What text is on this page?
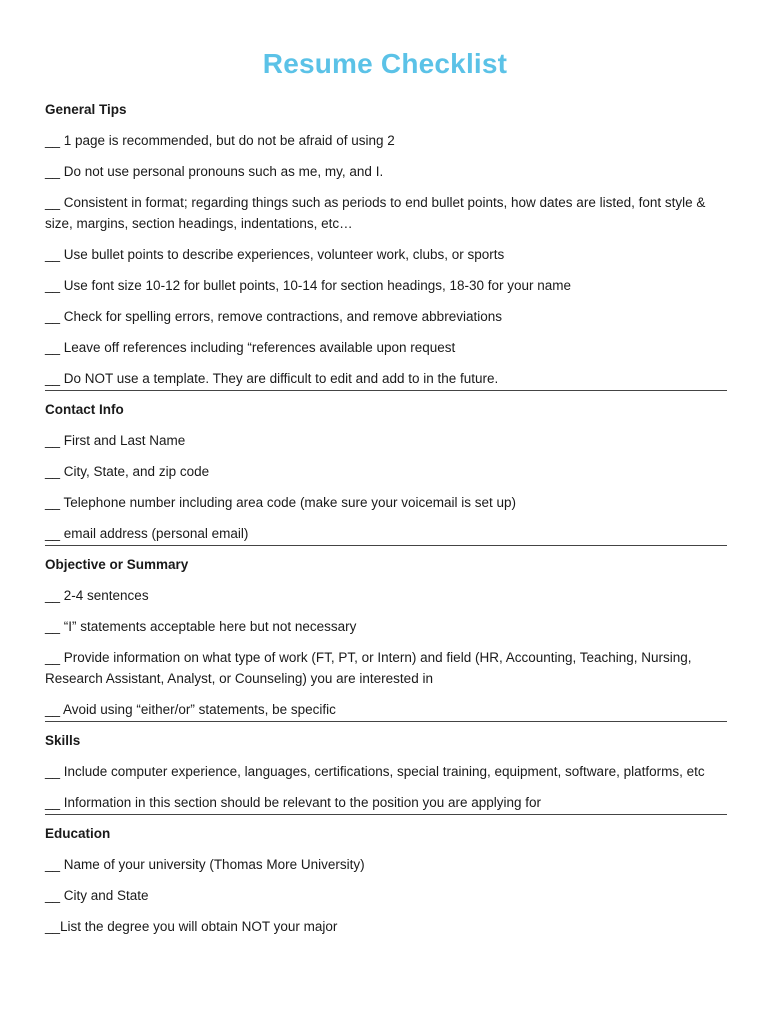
Resume Checklist
General Tips
__ 1 page is recommended, but do not be afraid of using 2
__ Do not use personal pronouns such as me, my, and I.
__ Consistent in format; regarding things such as periods to end bullet points, how dates are listed, font style & size, margins, section headings, indentations, etc…
__ Use bullet points to describe experiences, volunteer work, clubs, or sports
__ Use font size 10-12 for bullet points, 10-14 for section headings, 18-30 for your name
__ Check for spelling errors, remove contractions, and remove abbreviations
__ Leave off references including “references available upon request
__ Do NOT use a template. They are difficult to edit and add to in the future.
Contact Info
__ First and Last Name
__ City, State, and zip code
__ Telephone number including area code (make sure your voicemail is set up)
__ email address (personal email)
Objective or Summary
__ 2-4 sentences
__ “I” statements acceptable here but not necessary
__ Provide information on what type of work (FT, PT, or Intern) and field (HR, Accounting, Teaching, Nursing, Research Assistant, Analyst, or Counseling) you are interested in
__ Avoid using “either/or” statements, be specific
Skills
__ Include computer experience, languages, certifications, special training, equipment, software, platforms, etc
__ Information in this section should be relevant to the position you are applying for
Education
__ Name of your university (Thomas More University)
__ City and State
__List the degree you will obtain NOT your major
